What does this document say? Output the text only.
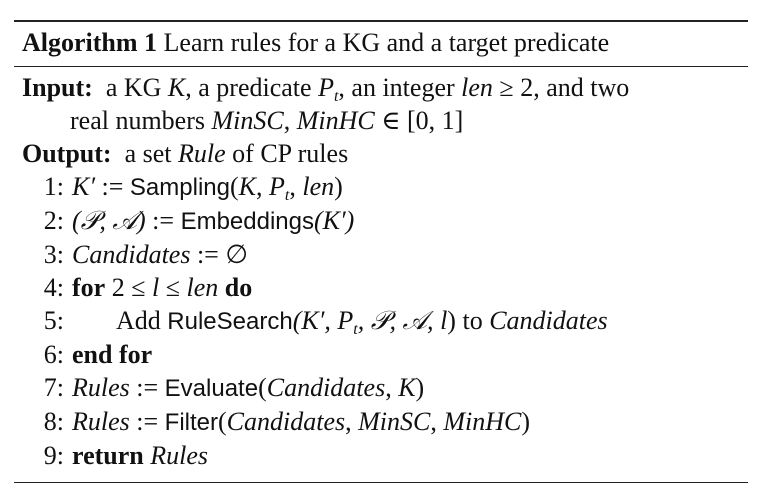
Algorithm 1 Learn rules for a KG and a target predicate
Input: a KG K, a predicate $P_t$, an integer len ≥ 2, and two
real numbers MinSC, MinHC ∈ [0, 1]
Output: a set Rule of CP rules
1: K′ := Sampling(K, $P_t$, len)
2: (𝒫, 𝒜) := Embeddings(K′)
3: Candidates := ∅
4: for 2 ≤ l ≤ len do
5: Add RuleSearch(K′, $P_t$, 𝒫, 𝒜, l) to Candidates
6: end for
7: Rules := Evaluate(Candidates, K)
8: Rules := Filter(Candidates, MinSC, MinHC)
9: return Rules
